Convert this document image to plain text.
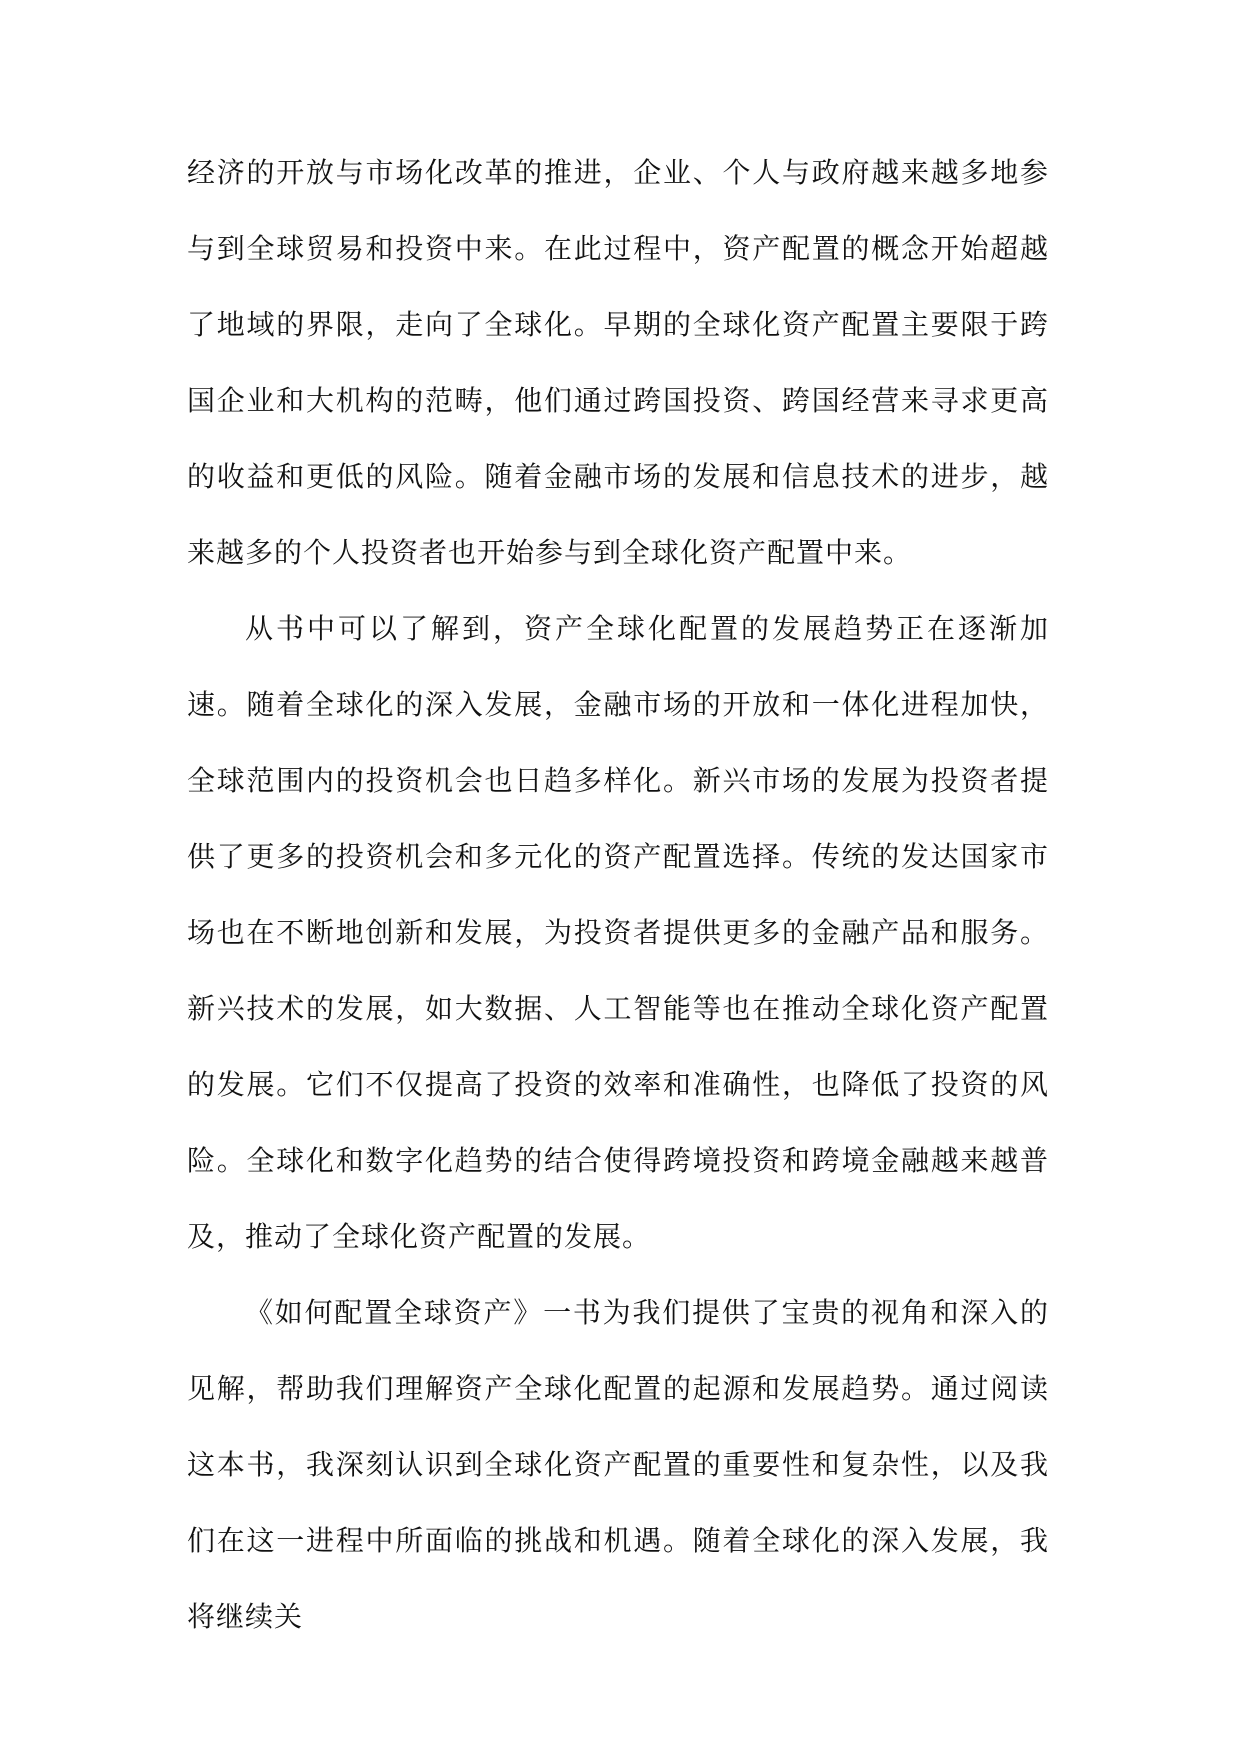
经济的开放与市场化改革的推进，企业、个人与政府越来越多地参与到全球贸易和投资中来。在此过程中，资产配置的概念开始超越了地域的界限，走向了全球化。早期的全球化资产配置主要限于跨国企业和大机构的范畴，他们通过跨国投资、跨国经营来寻求更高的收益和更低的风险。随着金融市场的发展和信息技术的进步，越来越多的个人投资者也开始参与到全球化资产配置中来。

从书中可以了解到，资产全球化配置的发展趋势正在逐渐加速。随着全球化的深入发展，金融市场的开放和一体化进程加快，全球范围内的投资机会也日趋多样化。新兴市场的发展为投资者提供了更多的投资机会和多元化的资产配置选择。传统的发达国家市场也在不断地创新和发展，为投资者提供更多的金融产品和服务。新兴技术的发展，如大数据、人工智能等也在推动全球化资产配置的发展。它们不仅提高了投资的效率和准确性，也降低了投资的风险。全球化和数字化趋势的结合使得跨境投资和跨境金融越来越普及，推动了全球化资产配置的发展。

《如何配置全球资产》一书为我们提供了宝贵的视角和深入的见解，帮助我们理解资产全球化配置的起源和发展趋势。通过阅读这本书，我深刻认识到全球化资产配置的重要性和复杂性，以及我们在这一进程中所面临的挑战和机遇。随着全球化的深入发展，我将继续关
